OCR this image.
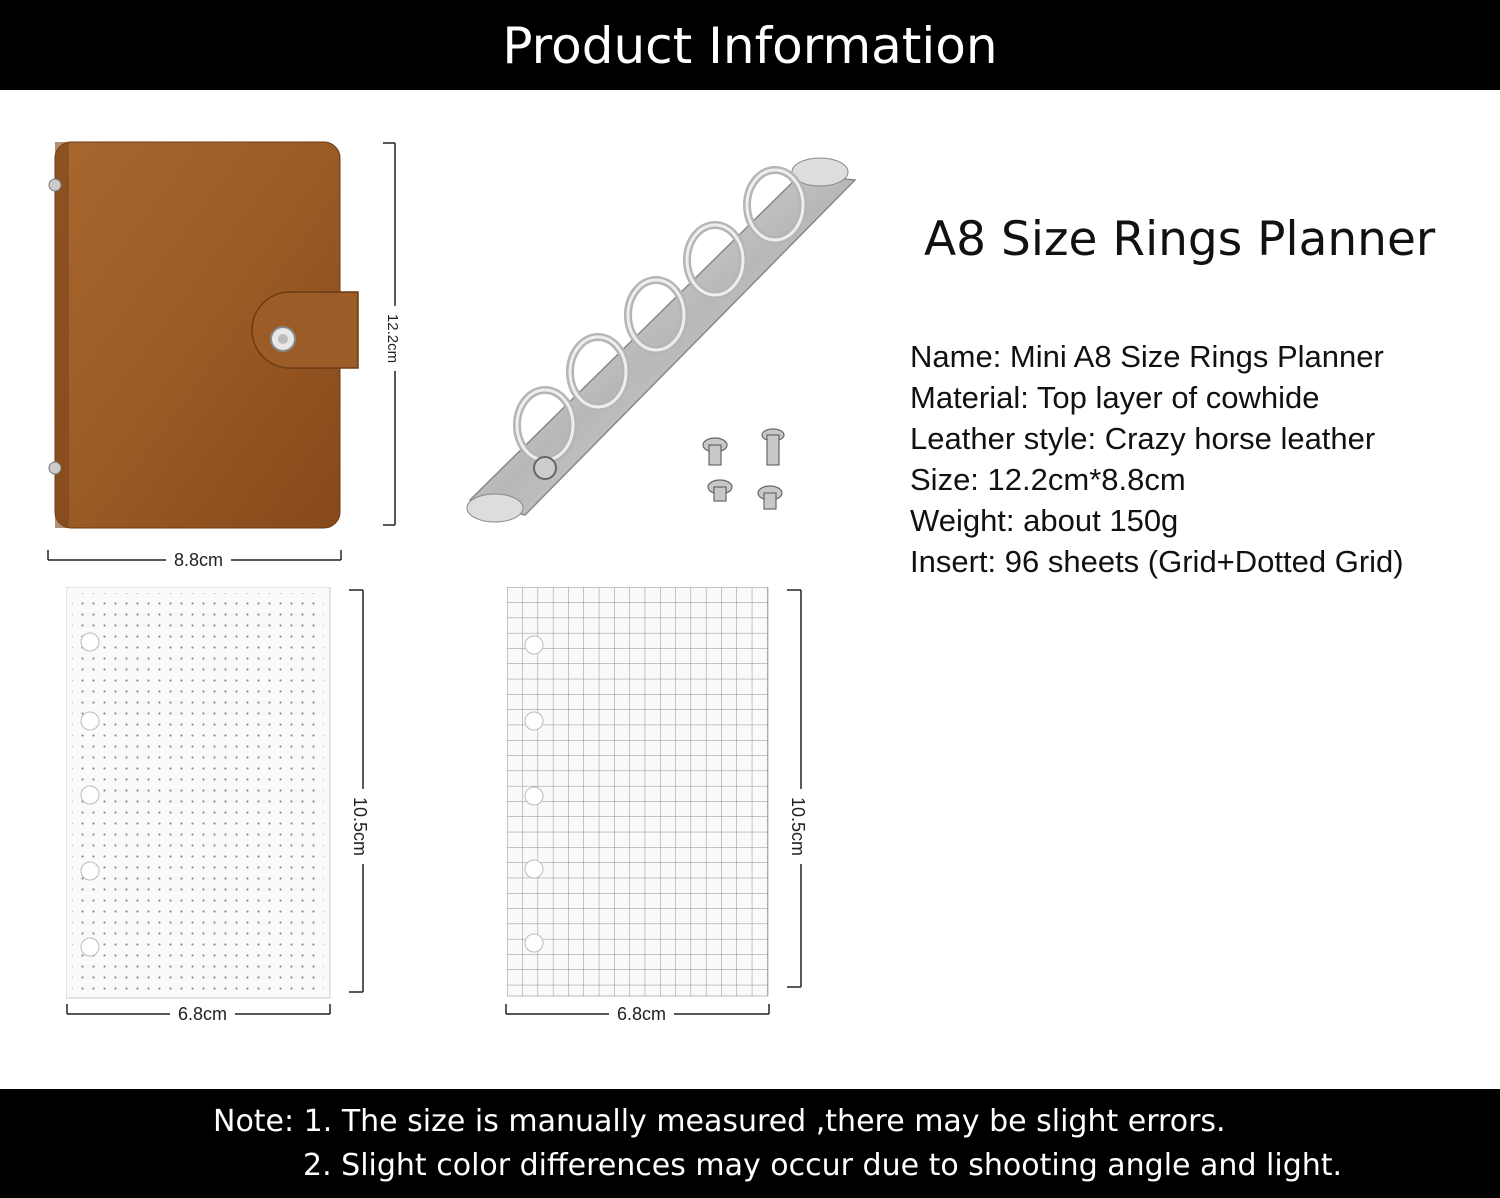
Product Information
12.2cm
8.8cm
10.5cm
6.8cm
10.5cm
6.8cm
A8 Size Rings Planner
Name: Mini A8 Size Rings Planner
Material: Top layer of cowhide
Leather style: Crazy horse leather
Size: 12.2cm*8.8cm
Weight: about 150g
Insert: 96 sheets (Grid+Dotted Grid)
Note: 1. The size is manually measured ,there may be slight errors.
2. Slight color differences may occur due to shooting angle and light.
